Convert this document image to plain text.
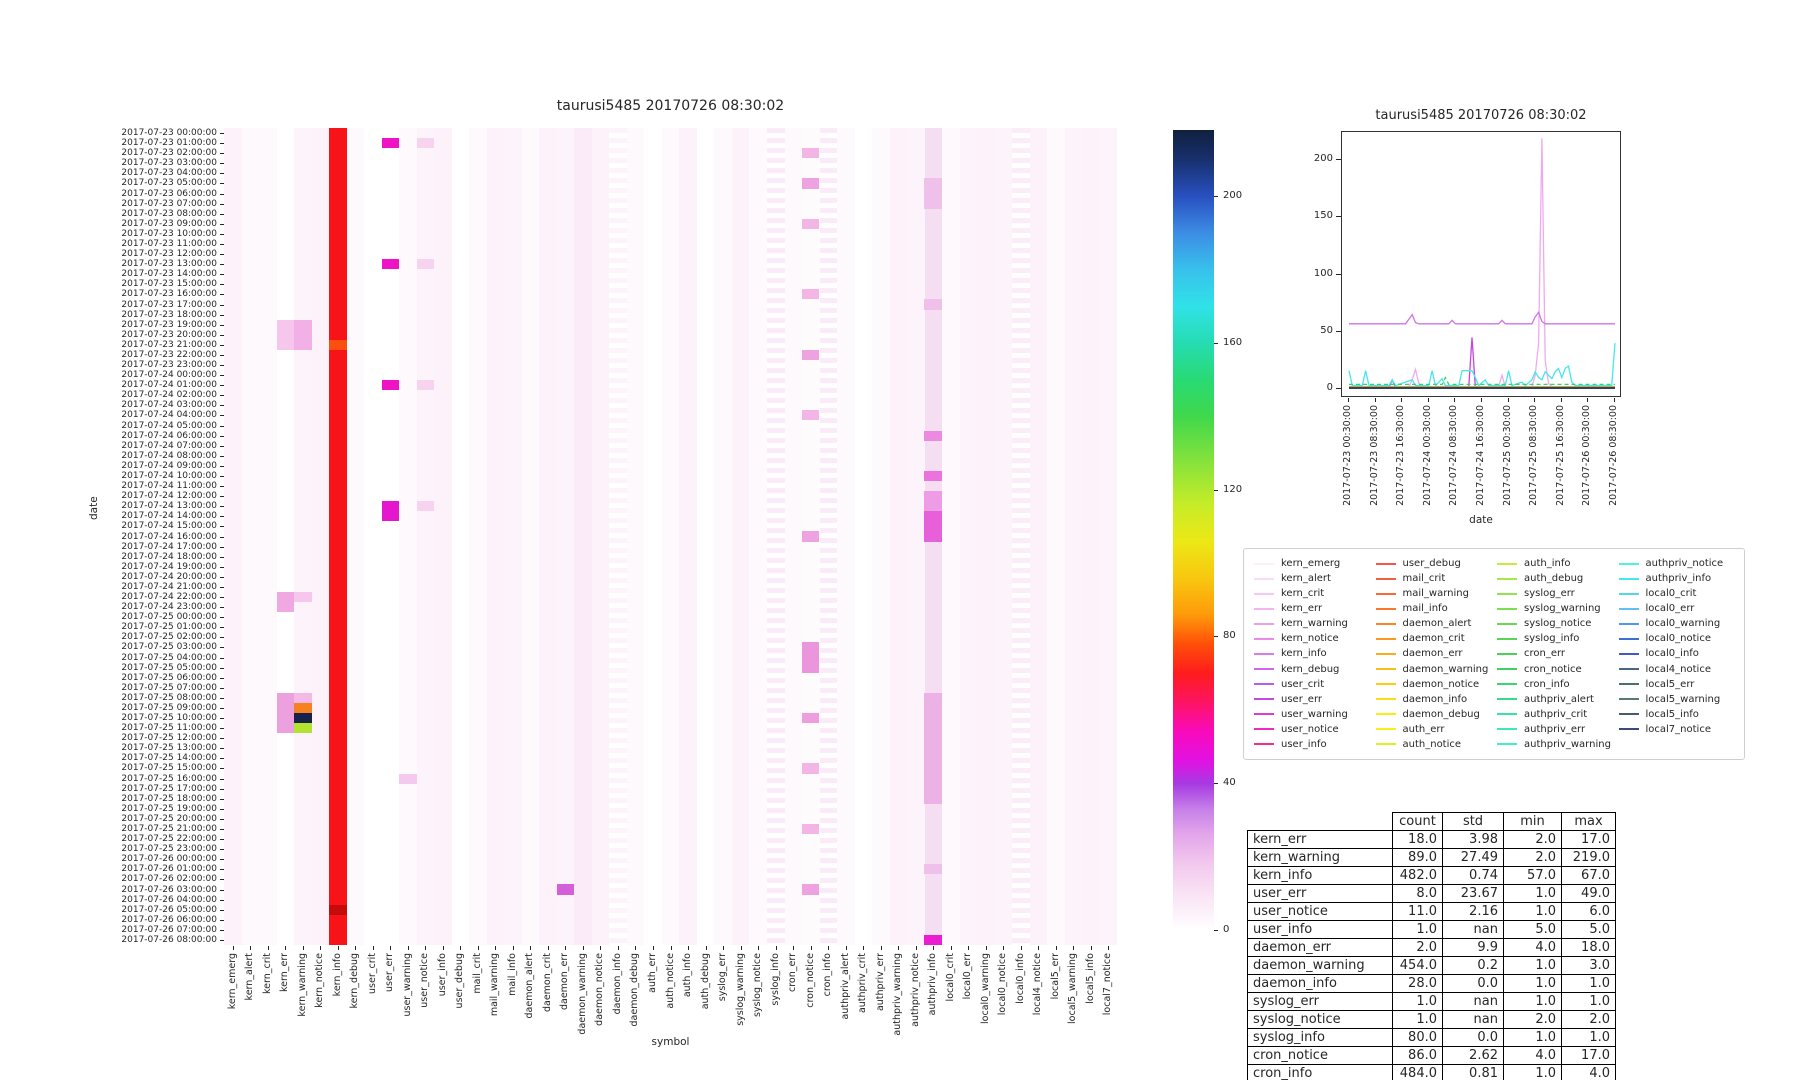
taurusi5485 20170726 08:30:02
date
2017-07-23 00:00:00
2017-07-23 01:00:00
2017-07-23 02:00:00
2017-07-23 03:00:00
2017-07-23 04:00:00
2017-07-23 05:00:00
2017-07-23 06:00:00
2017-07-23 07:00:00
2017-07-23 08:00:00
2017-07-23 09:00:00
2017-07-23 10:00:00
2017-07-23 11:00:00
2017-07-23 12:00:00
2017-07-23 13:00:00
2017-07-23 14:00:00
2017-07-23 15:00:00
2017-07-23 16:00:00
2017-07-23 17:00:00
2017-07-23 18:00:00
2017-07-23 19:00:00
2017-07-23 20:00:00
2017-07-23 21:00:00
2017-07-23 22:00:00
2017-07-23 23:00:00
2017-07-24 00:00:00
2017-07-24 01:00:00
2017-07-24 02:00:00
2017-07-24 03:00:00
2017-07-24 04:00:00
2017-07-24 05:00:00
2017-07-24 06:00:00
2017-07-24 07:00:00
2017-07-24 08:00:00
2017-07-24 09:00:00
2017-07-24 10:00:00
2017-07-24 11:00:00
2017-07-24 12:00:00
2017-07-24 13:00:00
2017-07-24 14:00:00
2017-07-24 15:00:00
2017-07-24 16:00:00
2017-07-24 17:00:00
2017-07-24 18:00:00
2017-07-24 19:00:00
2017-07-24 20:00:00
2017-07-24 21:00:00
2017-07-24 22:00:00
2017-07-24 23:00:00
2017-07-25 00:00:00
2017-07-25 01:00:00
2017-07-25 02:00:00
2017-07-25 03:00:00
2017-07-25 04:00:00
2017-07-25 05:00:00
2017-07-25 06:00:00
2017-07-25 07:00:00
2017-07-25 08:00:00
2017-07-25 09:00:00
2017-07-25 10:00:00
2017-07-25 11:00:00
2017-07-25 12:00:00
2017-07-25 13:00:00
2017-07-25 14:00:00
2017-07-25 15:00:00
2017-07-25 16:00:00
2017-07-25 17:00:00
2017-07-25 18:00:00
2017-07-25 19:00:00
2017-07-25 20:00:00
2017-07-25 21:00:00
2017-07-25 22:00:00
2017-07-25 23:00:00
2017-07-26 00:00:00
2017-07-26 01:00:00
2017-07-26 02:00:00
2017-07-26 03:00:00
2017-07-26 04:00:00
2017-07-26 05:00:00
2017-07-26 06:00:00
2017-07-26 07:00:00
2017-07-26 08:00:00
kern_emerg kern_alert kern_crit kern_err kern_warning kern_notice kern_info kern_debug user_crit user_err user_warning user_notice user_info user_debug mail_crit mail_warning mail_info daemon_alert daemon_crit daemon_err daemon_warning daemon_notice daemon_info daemon_debug auth_err auth_notice auth_info auth_debug syslog_err syslog_warning syslog_notice syslog_info cron_err cron_notice cron_info authpriv_alert authpriv_crit authpriv_err authpriv_warning authpriv_notice authpriv_info local0_crit local0_err local0_warning local0_notice local0_info local4_notice local5_err local5_warning local5_info local7_notice
symbol
0
40
80
120
160
200
taurusi5485 20170726 08:30:02
0
50
100
150
200
2017-07-23 00:30:00 2017-07-23 08:30:00 2017-07-23 16:30:00 2017-07-24 00:30:00 2017-07-24 08:30:00 2017-07-24 16:30:00 2017-07-25 00:30:00 2017-07-25 08:30:00 2017-07-25 16:30:00 2017-07-26 00:30:00 2017-07-26 08:30:00
date
kern_emerg
kern_alert
kern_crit
kern_err
kern_warning
kern_notice
kern_info
kern_debug
user_crit
user_err
user_warning
user_notice
user_info
user_debug
mail_crit
mail_warning
mail_info
daemon_alert
daemon_crit
daemon_err
daemon_warning
daemon_notice
daemon_info
daemon_debug
auth_err
auth_notice
auth_info
auth_debug
syslog_err
syslog_warning
syslog_notice
syslog_info
cron_err
cron_notice
cron_info
authpriv_alert
authpriv_crit
authpriv_err
authpriv_warning
authpriv_notice
authpriv_info
local0_crit
local0_err
local0_warning
local0_notice
local0_info
local4_notice
local5_err
local5_warning
local5_info
local7_notice
	count	std	min	max
kern_err	18.0	3.98	2.0	17.0
kern_warning	89.0	27.49	2.0	219.0
kern_info	482.0	0.74	57.0	67.0
user_err	8.0	23.67	1.0	49.0
user_notice	11.0	2.16	1.0	6.0
user_info	1.0	nan	5.0	5.0
daemon_err	2.0	9.9	4.0	18.0
daemon_warning	454.0	0.2	1.0	3.0
daemon_info	28.0	0.0	1.0	1.0
syslog_err	1.0	nan	1.0	1.0
syslog_notice	1.0	nan	2.0	2.0
syslog_info	80.0	0.0	1.0	1.0
cron_notice	86.0	2.62	4.0	17.0
cron_info	484.0	0.81	1.0	4.0
